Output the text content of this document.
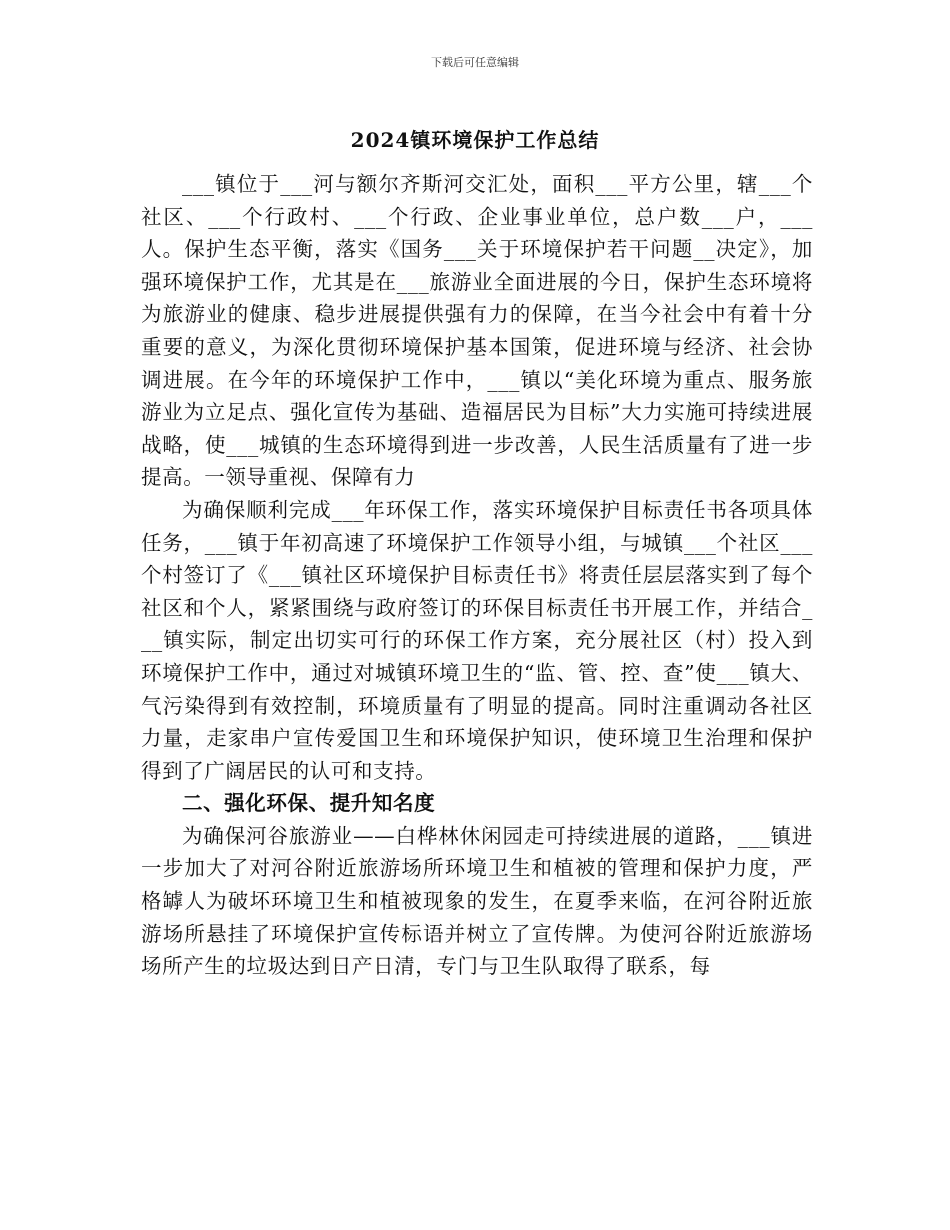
下载后可任意编辑
2024镇环境保护工作总结

___镇位于___河与额尔齐斯河交汇处，面积___平方公里，辖___个社区、___个行政村、___个行政、企业事业单位，总户数___户，___人。保护生态平衡，落实《国务___关于环境保护若干问题__决定》，加强环境保护工作，尤其是在___旅游业全面进展的今日，保护生态环境将为旅游业的健康、稳步进展提供强有力的保障，在当今社会中有着十分重要的意义，为深化贯彻环境保护基本国策，促进环境与经济、社会协调进展。在今年的环境保护工作中，___镇以“美化环境为重点、服务旅游业为立足点、强化宣传为基础、造福居民为目标”大力实施可持续进展战略，使___城镇的生态环境得到进一步改善，人民生活质量有了进一步提高。一领导重视、保障有力

为确保顺利完成___年环保工作，落实环境保护目标责任书各项具体任务，___镇于年初高速了环境保护工作领导小组，与城镇___个社区___个村签订了《___镇社区环境保护目标责任书》将责任层层落实到了每个社区和个人，紧紧围绕与政府签订的环保目标责任书开展工作，并结合___镇实际，制定出切实可行的环保工作方案，充分展社区（村）投入到环境保护工作中，通过对城镇环境卫生的“监、管、控、查”使___镇大、气污染得到有效控制，环境质量有了明显的提高。同时注重调动各社区力量，走家串户宣传爱国卫生和环境保护知识，使环境卫生治理和保护得到了广阔居民的认可和支持。

二、强化环保、提升知名度

为确保河谷旅游业——白桦林休闲园走可持续进展的道路，___镇进一步加大了对河谷附近旅游场所环境卫生和植被的管理和保护力度，严格罅人为破坏环境卫生和植被现象的发生，在夏季来临，在河谷附近旅游场所悬挂了环境保护宣传标语并树立了宣传牌。为使河谷附近旅游场场所产生的垃圾达到日产日清，专门与卫生队取得了联系，每
